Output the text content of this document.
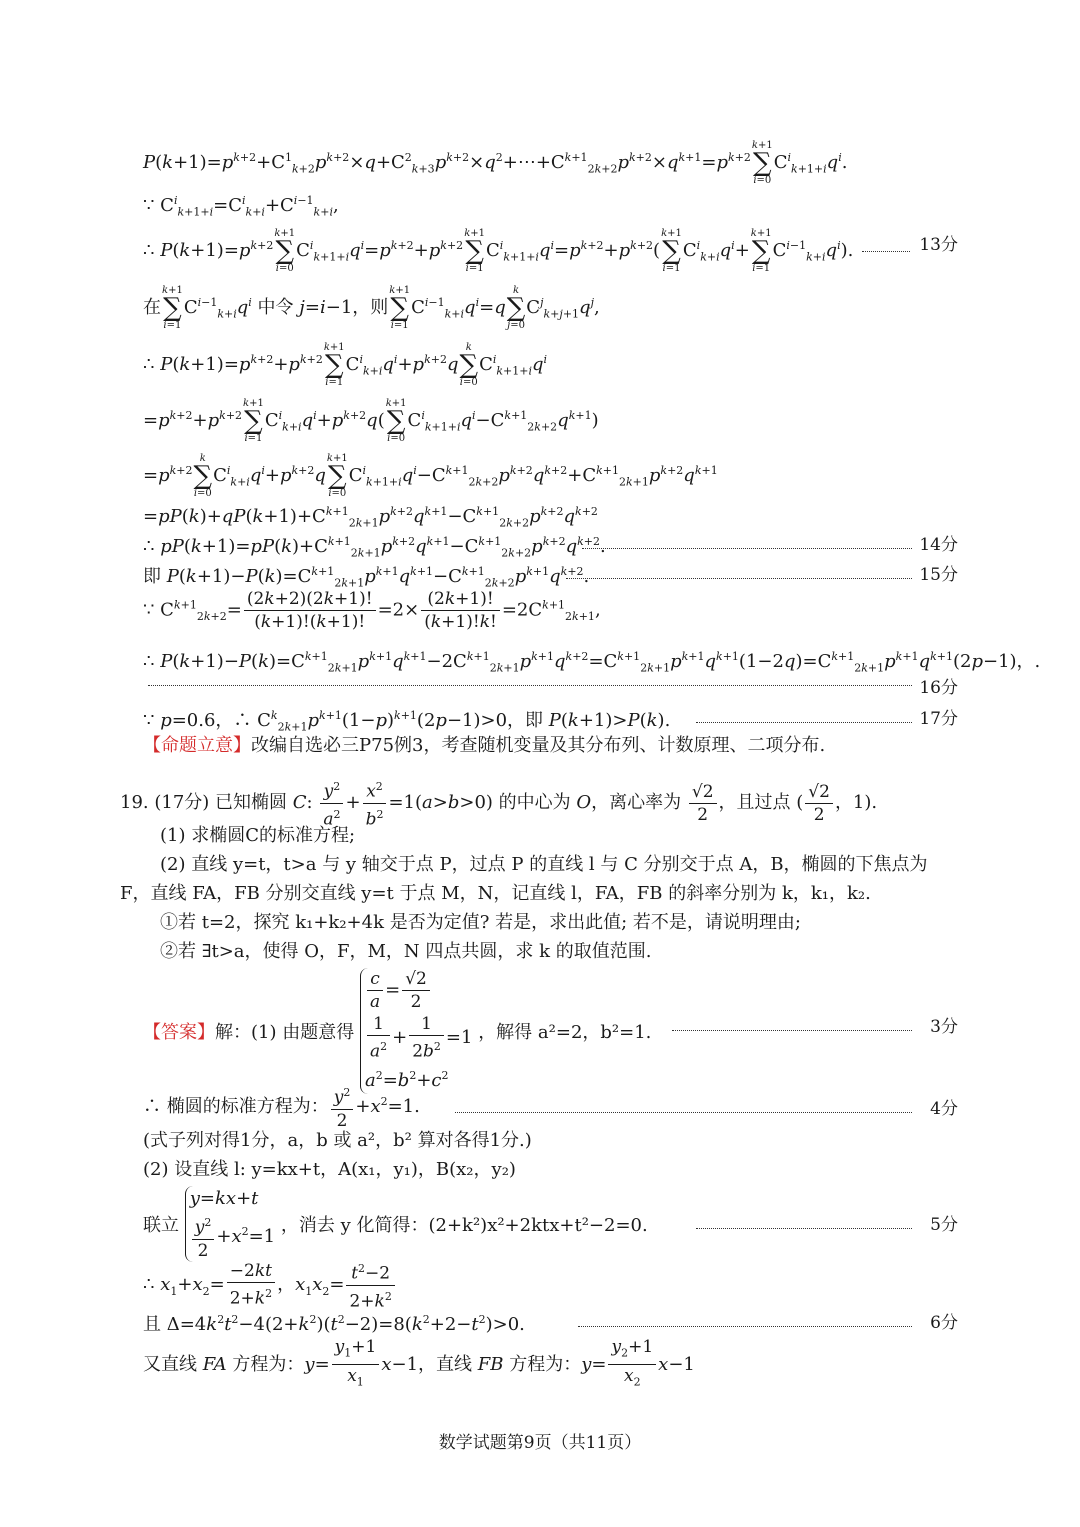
$P(k+1)=p^{k+2}+C^1_{k+2}p^{k+2}\times q+C^2_{k+3}p^{k+2}\times q^2+\cdots+C^{k+1}_{2k+2}p^{k+2}\times q^{k+1}=p^{k+2}k+1$
∑
$i=0C^i_{k+1+i}q^i$.
∵ $C^i_{k+1+i}=C^i_{k+i}+C^{i-1}_{k+i}$,
∴ $P(k+1)=p^{k+2}k+1$
∑
$i=0C^i_{k+1+i}q^i=p^{k+2}+p^{k+2}k+1$
∑
$i=1C^i_{k+1+i}q^i=p^{k+2}+p^{k+2}(k+1$
∑
$i=1C^i_{k+i}q^i+k+1$
∑
$i=1C^{i-1}_{k+i}q^i$).	13分
在k+1
∑
$i=1C^{i-1}_{k+i}q^i$ 中令 j=i−1，则k+1
∑
$i=1C^{i-1}_{k+i}q^i=qk$
∑
$j=0C^j_{k+j+1}q^j$,
∴ $P(k+1)=p^{k+2}+p^{k+2}k+1$
∑
$i=1C^i_{k+i}q^i+p^{k+2}qk$
∑
$i=0C^i_{k+1+i}q^i$
$=p^{k+2}+p^{k+2}k+1$
∑
$i=1C^i_{k+i}q^i+p^{k+2}q(k+1$
∑
$i=0C^i_{k+1+i}q^i-C^{k+1}_{2k+2}q^{k+1}$)
$=p^{k+2}k$
∑
$i=0C^i_{k+i}q^i+p^{k+2}qk+1$
∑
$i=0C^i_{k+1+i}q^i-C^{k+1}_{2k+2}p^{k+2}q^{k+2}+C^{k+1}_{2k+1}p^{k+2}q^{k+1}$
$=pP(k)+qP(k+1)+C^{k+1}_{2k+1}p^{k+2}q^{k+1}-C^{k+1}_{2k+2}p^{k+2}q^{k+2}$
∴ $pP(k+1)=pP(k)+C^{k+1}_{2k+1}p^{k+2}q^{k+1}-C^{k+1}_{2k+2}p^{k+2}q^{k+2}$.	14分
即 $P(k+1)-P(k)=C^{k+1}_{2k+1}p^{k+1}q^{k+1}-C^{k+1}_{2k+2}p^{k+1}q^{k+2}$.	15分
∵ $C^{k+1}_{2k+2}= \frac{(2k+2)(2k+1)!}{(k+1)!(k+1)!} =2\times \frac{(2k+1)!}{(k+1)!k!} =2C^{k+1}_{2k+1}$,
∴ $P(k+1)-P(k)=C^{k+1}_{2k+1}p^{k+1}q^{k+1}-2C^{k+1}_{2k+1}p^{k+1}q^{k+2}=C^{k+1}_{2k+1}p^{k+1}q^{k+1}(1-2q)=C^{k+1}_{2k+1}p^{k+1}q^{k+1}(2p-1)$，.
16分
∵ p=0.6，∴ $C^k_{2k+1}p^{k+1}(1-p)^{k+1}(2p-1)>0$，即 P(k+1)>P(k).	17分
【命题立意】改编自选必三P75例3，考查随机变量及其分布列、计数原理、二项分布.
19. (17分) 已知椭圆 C: $\frac{y^2}{a^2} + \frac{x^2}{b^2} =1(a>b>0)$ 的中心为 O，离心率为 $\frac{√2}{2}$ ，且过点 ( $\frac{√2}{2}$ ，1).
(1) 求椭圆C的标准方程;
(2) 直线 y=t，t>a 与 y 轴交于点 P，过点 P 的直线 l 与 C 分别交于点 A，B，椭圆的下焦点为
F，直线 FA，FB 分别交直线 y=t 于点 M，N，记直线 l，FA，FB 的斜率分别为 k，k₁，k₂.
①若 t=2，探究 k₁+k₂+4k 是否为定值? 若是，求出此值; 若不是，请说明理由;
②若 ∃t>a，使得 O，F，M，N 四点共圆，求 k 的取值范围.
【答案】解：(1) 由题意得
$\frac{c}{a} = \frac{√2}{2}$
$\frac{1}{a^2} + \frac{1}{2b^2} =1$
$a^2=b^2+c^2$
，解得 a²=2，b²=1.	3分
∴ 椭圆的标准方程为： $\frac{y^2}{2} +x^2=1$.	4分
(式子列对得1分，a，b 或 a²，b² 算对各得1分.)
(2) 设直线 l: y=kx+t，A(x₁，y₁)，B(x₂，y₂)
联立
y=kx+t
$\frac{y^2}{2} +x^2=1$
，消去 y 化简得：(2+k²)x²+2ktx+t²−2=0.	5分
∴ $x_1+x_2= \frac{-2kt}{2+k^2}$ ，$x_1x_2= \frac{t^2-2}{2+k^2}$
且 $\Delta=4k^2t^2-4(2+k^2)(t^2-2)=8(k^2+2-t^2)>0$.	6分
又直线 FA 方程为：$y= \frac{y_1+1}{x_1} x-1$，直线 FB 方程为：$y= \frac{y_2+1}{x_2} x-1$
数学试题第9页（共11页）
